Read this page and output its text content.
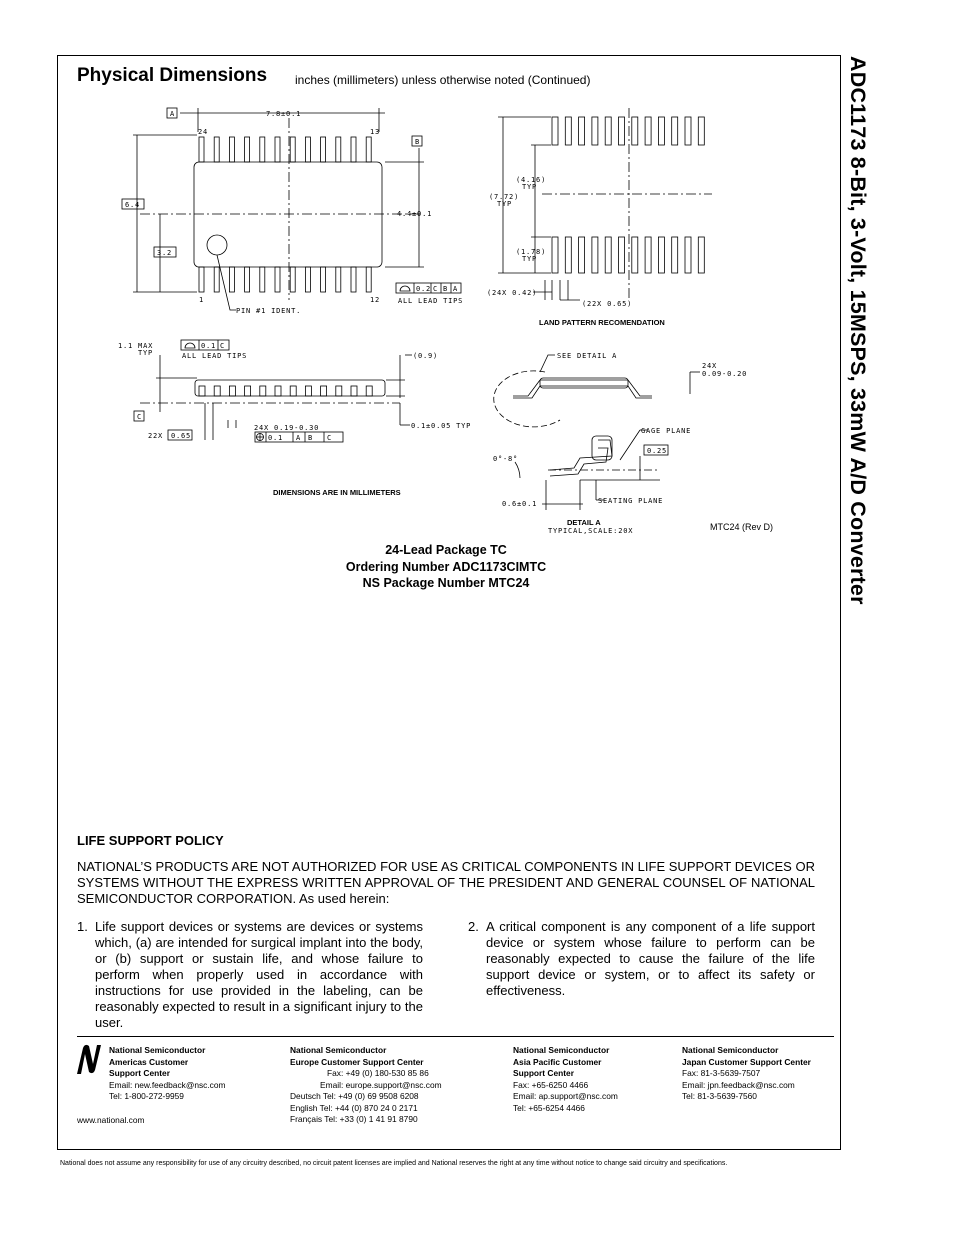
ADC1173 8-Bit, 3-Volt, 15MSPS, 33mW A/D Converter
Physical Dimensions inches (millimeters) unless otherwise noted (Continued)
7.8±0.1
A
24	13
B
6.4
3.2
4.4±0.1
1	12
PIN #1 IDENT.
0.2 C B A
ALL LEAD TIPS
(4.16)
TYP
(7.72)
TYP
(1.78)
TYP
(24X 0.42)
(22X 0.65)
LAND PATTERN RECOMENDATION
1.1 MAX
TYP
0.1 C
ALL LEAD TIPS	(0.9)
C
22X 0.65
24X 0.19-0.30
0.1 A B C
0.1±0.05 TYP
DIMENSIONS ARE IN MILLIMETERS
SEE DETAIL A
24X
0.09-0.20
0°-8°
GAGE PLANE
0.25
SEATING PLANE
0.6±0.1
DETAIL A
TYPICAL,SCALE:20X	MTC24 (Rev D)
24-Lead Package TC
Ordering Number ADC1173CIMTC
NS Package Number MTC24
LIFE SUPPORT POLICY
NATIONAL’S PRODUCTS ARE NOT AUTHORIZED FOR USE AS CRITICAL COMPONENTS IN LIFE SUPPORT DEVICES OR SYSTEMS WITHOUT THE EXPRESS WRITTEN APPROVAL OF THE PRESIDENT AND GENERAL COUNSEL OF NATIONAL SEMICONDUCTOR CORPORATION. As used herein:
1. Life support devices or systems are devices or systems which, (a) are intended for surgical implant into the body, or (b) support or sustain life, and whose failure to perform when properly used in accordance with instructions for use provided in the labeling, can be reasonably expected to result in a significant injury to the user.
2. A critical component is any component of a life support device or system whose failure to perform can be reasonably expected to cause the failure of the life support device or system, or to affect its safety or effectiveness.
National Semiconductor
Americas Customer
Support Center
Email: new.feedback@nsc.com
Tel: 1-800-272-9959
National Semiconductor
Europe Customer Support Center
Fax: +49 (0) 180-530 85 86
Email: europe.support@nsc.com
Deutsch Tel: +49 (0) 69 9508 6208
English Tel: +44 (0) 870 24 0 2171
Français Tel: +33 (0) 1 41 91 8790
National Semiconductor
Asia Pacific Customer
Support Center
Fax: +65-6250 4466
Email: ap.support@nsc.com
Tel: +65-6254 4466
National Semiconductor
Japan Customer Support Center
Fax: 81-3-5639-7507
Email: jpn.feedback@nsc.com
Tel: 81-3-5639-7560
www.national.com
National does not assume any responsibility for use of any circuitry described, no circuit patent licenses are implied and National reserves the right at any time without notice to change said circuitry and specifications.
